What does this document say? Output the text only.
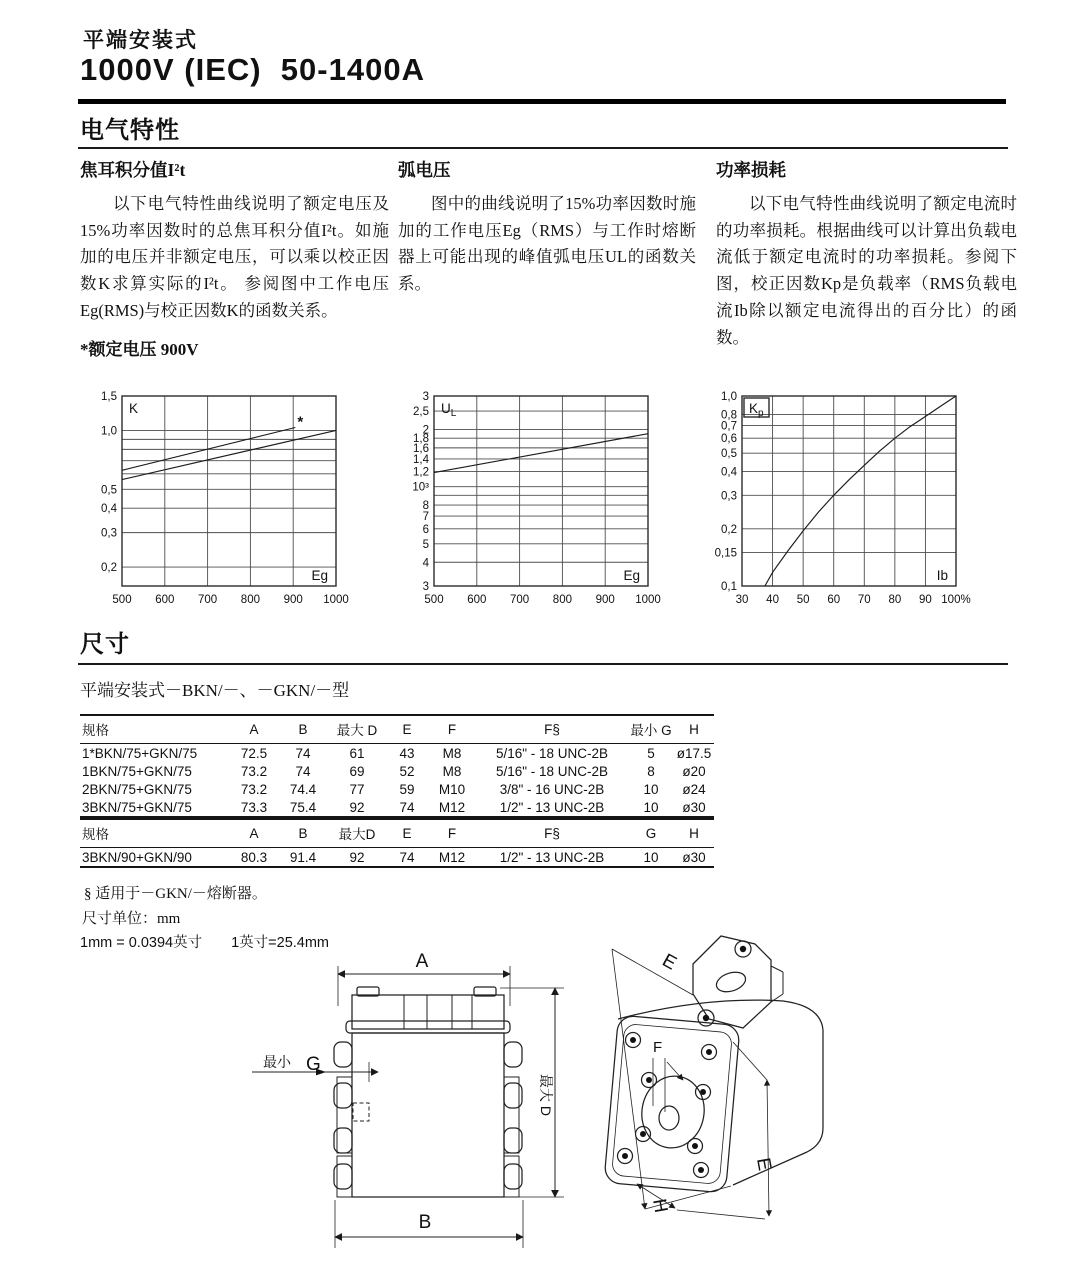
平端安装式
1000V (IEC)  50-1400A
电气特性
焦耳积分值I²t

以下电气特性曲线说明了额定电压及15%功率因数时的总焦耳积分值I²t。如施加的电压并非额定电压，可以乘以校正因数K求算实际的I²t。 参阅图中工作电压Eg(RMS)与校正因数K的函数关系。

*额定电压 900V
弧电压

图中的曲线说明了15%功率因数时施加的工作电压Eg（RMS）与工作时熔断器上可能出现的峰值弧电压UL的函数关系。

功率损耗

以下电气特性曲线说明了额定电流时的功率损耗。根据曲线可以计算出负载电流低于额定电流时的功率损耗。参阅下图，校正因数Kp是负载率（RMS负载电流Ib除以额定电流得出的百分比）的函数。

*
1,5
1,0
0,5
0,4
0,3
0,2
500 600 700 800 900 1000
K
Eg
3
2,5
2
1,8
1,6
1,4
1,2
10³
8
7
6
5
4
3
500 600 700 800 900 1000
$U_L$
Eg
1,0
0,8
0,7
0,6
0,5
0,4
0,3
0,2
0,15
0,1
30 40 50 60 70 80 90 100%
$K_p$
Ib
尺寸
平端安装式－BKN/－、－GKN/－型
规格	A	B	最大 D	E	F	F§	最小 G	H
1*BKN/75+GKN/75	72.5	74	61	43	M8	5/16" - 18 UNC-2B	5	ø17.5
1BKN/75+GKN/75	73.2	74	69	52	M8	5/16" - 18 UNC-2B	8	ø20
2BKN/75+GKN/75	73.2	74.4	77	59	M10	3/8" - 16 UNC-2B	10	ø24
3BKN/75+GKN/75	73.3	75.4	92	74	M12	1/2" - 13 UNC-2B	10	ø30
规格	A	B	最大D	E	F	F§	G	H
3BKN/90+GKN/90	80.3	91.4	92	74	M12	1/2" - 13 UNC-2B	10	ø30
§ 适用于－GKN/－熔断器。
尺寸单位：mm
1mm = 0.0394英寸　　1英寸=25.4mm
A
最小 G
最大 D
B
E
F
E
H
